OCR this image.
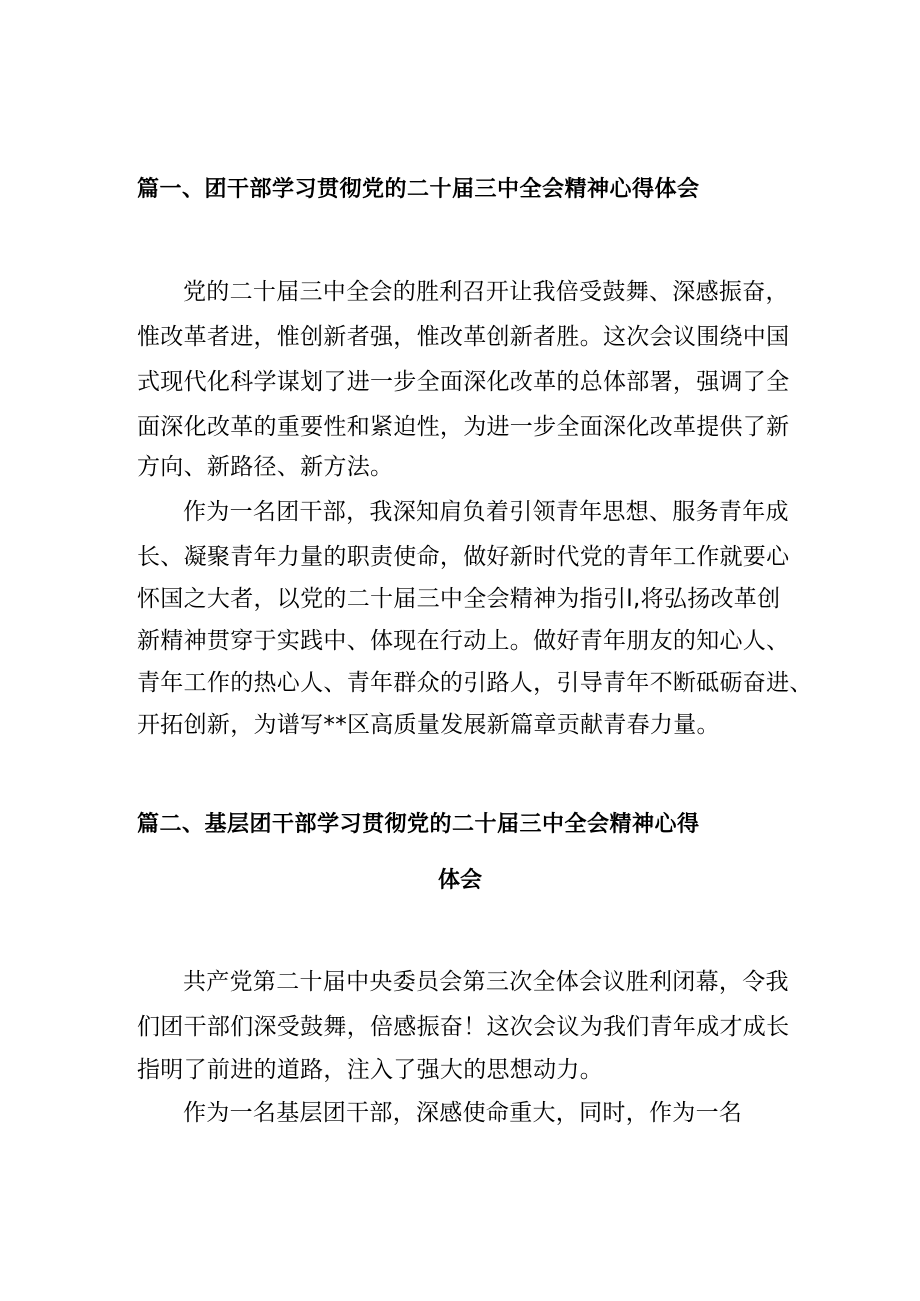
篇一、团干部学习贯彻党的二十届三中全会精神心得体会
党的二十届三中全会的胜利召开让我倍受鼓舞、深感振奋，
惟改革者进，惟创新者强，惟改革创新者胜。这次会议围绕中国
式现代化科学谋划了进一步全面深化改革的总体部署，强调了全
面深化改革的重要性和紧迫性，为进一步全面深化改革提供了新
方向、新路径、新方法。
作为一名团干部，我深知肩负着引领青年思想、服务青年成
长、凝聚青年力量的职责使命，做好新时代党的青年工作就要心
怀国之大者，以党的二十届三中全会精神为指引l,将弘扬改革创
新精神贯穿于实践中、体现在行动上。做好青年朋友的知心人、
青年工作的热心人、青年群众的引路人，引导青年不断砥砺奋进、
开拓创新，为谱写**区高质量发展新篇章贡献青春力量。
篇二、基层团干部学习贯彻党的二十届三中全会精神心得
体会
共产党第二十届中央委员会第三次全体会议胜利闭幕，令我
们团干部们深受鼓舞，倍感振奋！这次会议为我们青年成才成长
指明了前进的道路，注入了强大的思想动力。
作为一名基层团干部，深感使命重大，同时，作为一名
